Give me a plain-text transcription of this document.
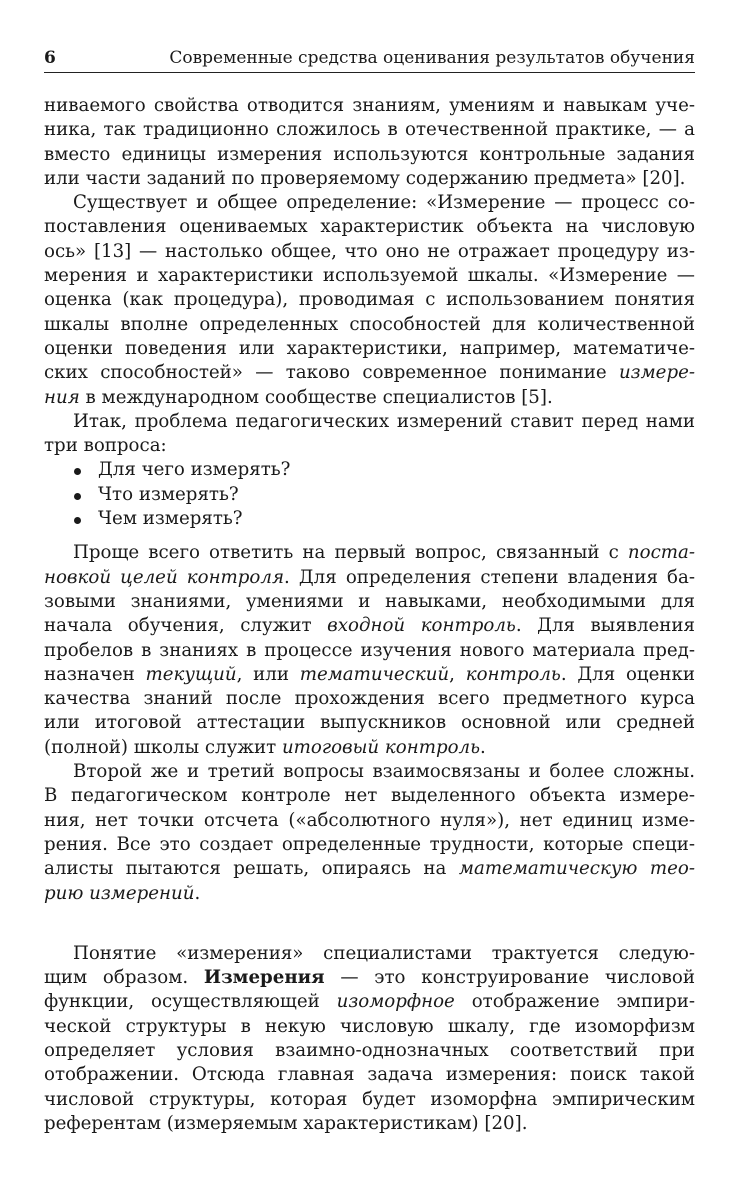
6	Современные средства оценивания результатов обучения
ниваемого свойства отводится знаниям, умениям и навыкам уче-
ника, так традиционно сложилось в отечественной практике, — а
вместо единицы измерения используются контрольные задания
или части заданий по проверяемому содержанию предмета» [20].
Существует и общее определение: «Измерение — процесс со-
поставления оцениваемых характеристик объекта на числовую
ось» [13] — настолько общее, что оно не отражает процедуру из-
мерения и характеристики используемой шкалы. «Измерение —
оценка (как процедура), проводимая с использованием понятия
шкалы вполне определенных способностей для количественной
оценки поведения или характеристики, например, математиче-
ских способностей» — таково современное понимание измере-
ния в международном сообществе специалистов [5].
Итак, проблема педагогических измерений ставит перед нами
три вопроса:
Для чего измерять?
Что измерять?
Чем измерять?
Проще всего ответить на первый вопрос, связанный с поста-
новкой целей контроля. Для определения степени владения ба-
зовыми знаниями, умениями и навыками, необходимыми для
начала обучения, служит входной контроль. Для выявления
пробелов в знаниях в процессе изучения нового материала пред-
назначен текущий, или тематический, контроль. Для оценки
качества знаний после прохождения всего предметного курса
или итоговой аттестации выпускников основной или средней
(полной) школы служит итоговый контроль.
Второй же и третий вопросы взаимосвязаны и более сложны.
В педагогическом контроле нет выделенного объекта измере-
ния, нет точки отсчета («абсолютного нуля»), нет единиц изме-
рения. Все это создает определенные трудности, которые специ-
алисты пытаются решать, опираясь на математическую тео-
рию измерений.
Понятие «измерения» специалистами трактуется следую-
щим образом. Измерения — это конструирование числовой
функции, осуществляющей изоморфное отображение эмпири-
ческой структуры в некую числовую шкалу, где изоморфизм
определяет условия взаимно-однозначных соответствий при
отображении. Отсюда главная задача измерения: поиск такой
числовой структуры, которая будет изоморфна эмпирическим
референтам (измеряемым характеристикам) [20].
